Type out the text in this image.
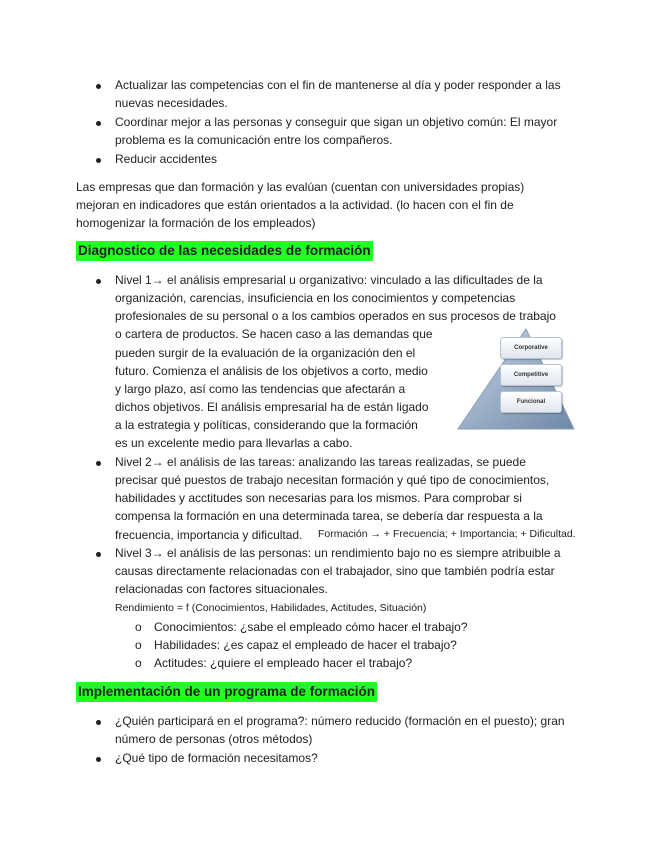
Actualizar las competencias con el fin de mantenerse al día y poder responder a las
nuevas necesidades.
Coordinar mejor a las personas y conseguir que sigan un objetivo común: El mayor
problema es la comunicación entre los compañeros.
Reducir accidentes
Las empresas que dan formación y las evalúan (cuentan con universidades propias)
mejoran en indicadores que están orientados a la actividad. (lo hacen con el fin de
homogenizar la formación de los empleados)
Diagnostico de las necesidades de formación
Nivel 1→ el análisis empresarial u organizativo: vinculado a las dificultades de la
organización, carencias, insuficiencia en los conocimientos y competencias
profesionales de su personal o a los cambios operados en sus procesos de trabajo
o cartera de productos. Se hacen caso a las demandas que
pueden surgir de la evaluación de la organización den el
futuro. Comienza el análisis de los objetivos a corto, medio
y largo plazo, así como las tendencias que afectarán a
dichos objetivos. El análisis empresarial ha de están ligado
a la estrategia y políticas, considerando que la formación
es un excelente medio para llevarlas a cabo.
Corporative
Competitive
Funcional
Nivel 2→ el análisis de las tareas: analizando las tareas realizadas, se puede
precisar qué puestos de trabajo necesitan formación y qué tipo de conocimientos,
habilidades y acctitudes son necesarias para los mismos. Para comprobar si
compensa la formación en una determinada tarea, se debería dar respuesta a la
frecuencia, importancia y dificultad. Formación → + Frecuencia; + Importancia; + Dificultad.
Nivel 3→ el análisis de las personas: un rendimiento bajo no es siempre atribuible a
causas directamente relacionadas con el trabajador, sino que también podría estar
relacionadas con factores situacionales.
Rendimiento = f (Conocimientos, Habilidades, Actitudes, Situación)
o Conocimientos: ¿sabe el empleado cómo hacer el trabajo?
o Habilidades: ¿es capaz el empleado de hacer el trabajo?
o Actitudes: ¿quiere el empleado hacer el trabajo?
Implementación de un programa de formación
¿Quién participará en el programa?: número reducido (formación en el puesto); gran
número de personas (otros métodos)
¿Qué tipo de formación necesitamos?
